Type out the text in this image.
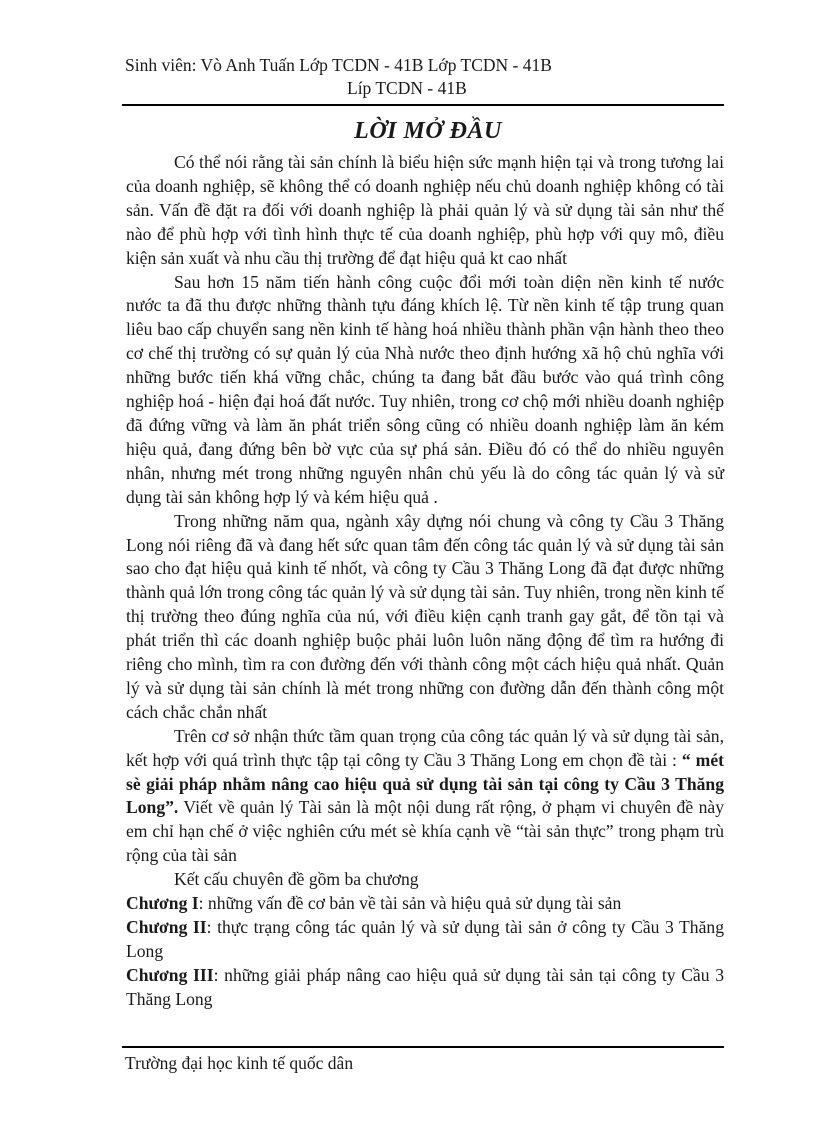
Sinh viên: Vò Anh Tuấn Lớp TCDN - 41B Lớp TCDN - 41B
Líp TCDN - 41B
LỜI MỞ ĐẦU

Có thể nói rằng tài sản chính là biểu hiện sức mạnh hiện tại và trong tương lai của doanh nghiệp, sẽ không thể có doanh nghiệp nếu chủ doanh nghiệp không có tài sản. Vấn đề đặt ra đối với doanh nghiệp là phải quản lý và sử dụng tài sản như thế nào để phù hợp với tình hình thực tế của doanh nghiệp, phù hợp với quy mô, điều kiện sản xuất và nhu cầu thị trường để đạt hiệu quả kt cao nhất

Sau hơn 15 năm tiến hành công cuộc đổi mới toàn diện nền kinh tế nước nước ta đã thu được những thành tựu đáng khích lệ. Từ nền kinh tế tập trung quan liêu bao cấp chuyển sang nền kinh tế hàng hoá nhiều thành phần vận hành theo theo cơ chế thị trường có sự quản lý của Nhà nước theo định hướng xã hộ chủ nghĩa với những bước tiến khá vững chắc, chúng ta đang bắt đầu bước vào quá trình công nghiệp hoá - hiện đại hoá đất nước. Tuy nhiên, trong cơ chộ mới nhiều doanh nghiệp đã đứng vững và làm ăn phát triển sông cũng có nhiều doanh nghiệp làm ăn kém hiệu quả, đang đứng bên bờ vực của sự phá sản. Điều đó có thể do nhiều nguyên nhân, nhưng mét trong những nguyên nhân chủ yếu là do công tác quản lý và sử dụng tài sản không hợp lý và kém hiệu quả .

Trong những năm qua, ngành xây dựng nói chung và công ty Cầu 3 Thăng Long nói riêng đã và đang hết sức quan tâm đến công tác quản lý và sử dụng tài sản sao cho đạt hiệu quả kinh tế nhốt, và công ty Cầu 3 Thăng Long đã đạt được những thành quả lớn trong công tác quản lý và sử dụng tài sản. Tuy nhiên, trong nền kinh tế thị trường theo đúng nghĩa của nú, với điều kiện cạnh tranh gay gắt, để tồn tại và phát triển thì các doanh nghiệp buộc phải luôn luôn năng động để tìm ra hướng đi riêng cho mình, tìm ra con đường đến với thành công một cách hiệu quả nhất. Quản lý và sử dụng tài sản chính là mét trong những con đường dẫn đến thành công một cách chắc chắn nhất

Trên cơ sở nhận thức tầm quan trọng của công tác quản lý và sử dụng tài sản, kết hợp với quá trình thực tập tại công ty Cầu 3 Thăng Long em chọn đề tài : “ mét sè giải pháp nhằm nâng cao hiệu quả sử dụng tài sản tại công ty Cầu 3 Thăng Long”. Viết về quản lý Tài sản là một nội dung rất rộng, ở phạm vi chuyên đề này em chỉ hạn chế ở việc nghiên cứu mét sè khía cạnh về “tài sản thực” trong phạm trù rộng của tài sản

Kết cấu chuyên đề gồm ba chương

Chương I: những vấn đề cơ bản về tài sản và hiệu quả sử dụng tài sản

Chương II: thực trạng công tác quản lý và sử dụng tài sản ở công ty Cầu 3 Thăng Long

Chương III: những giải pháp nâng cao hiệu quả sử dụng tài sản tại công ty Cầu 3 Thăng Long

Trường đại học kinh tế quốc dân
